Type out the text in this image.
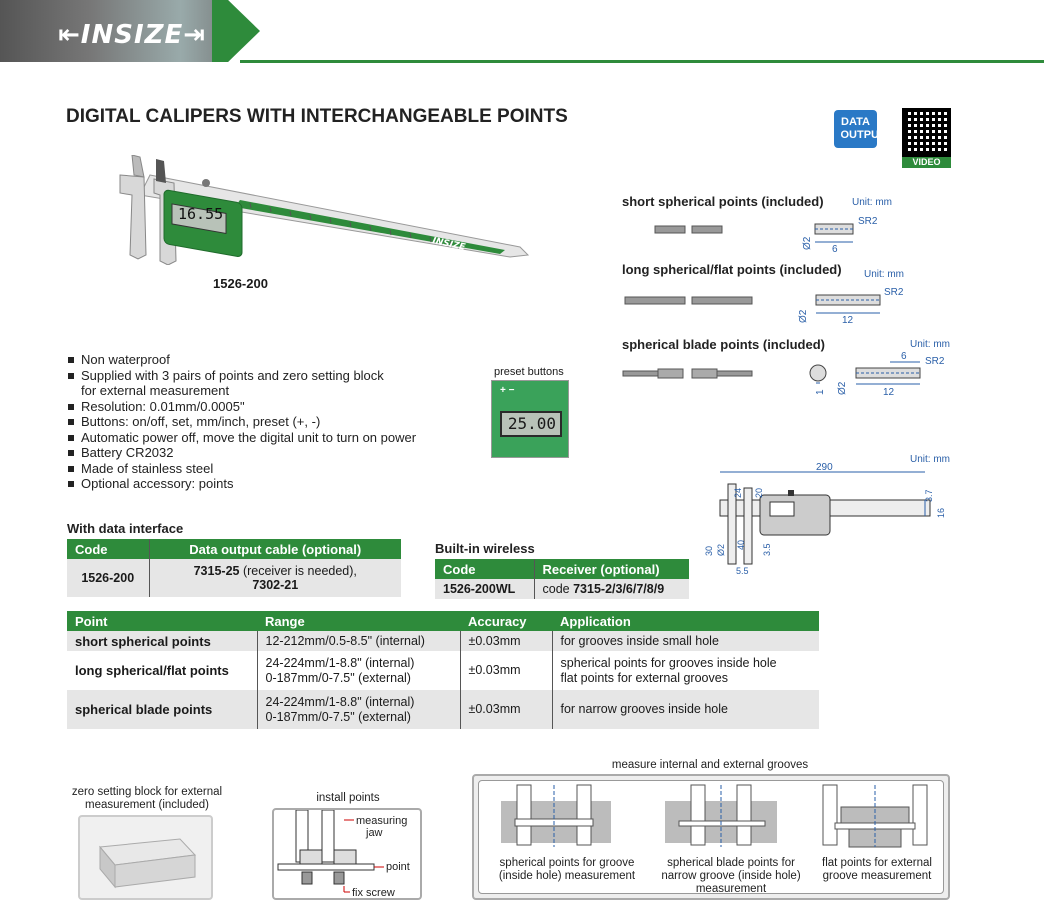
⇤INSIZE⇥
DIGITAL CALIPERS WITH INTERCHANGEABLE POINTS	DATA OUTPUT
VIDEO
16.55
INSIZE
1526-200
Non waterproof
Supplied with 3 pairs of points and zero setting block
for external measurement
Resolution: 0.01mm/0.0005"
Buttons: on/off, set, mm/inch, preset (+, -)
Automatic power off, move the digital unit to turn on power
Battery CR2032
Made of stainless steel
Optional accessory: points
preset buttons
+ −
25.00
short spherical points (included)	Unit: mm
6
Ø2
SR2
long spherical/flat points (included) Unit: mm
12
Ø2
SR2
spherical blade points (included)	Unit: mm
1	12
6
Ø2
SR2
Unit: mm
290
3.7
16
24 20
30 Ø2 40 3.5
5.5
With data interface
Code	Data output cable (optional)
1526-200	7315-25 (receiver is needed),
7302-21
Built-in wireless
Code	Receiver (optional)
1526-200WL	code 7315-2/3/6/7/8/9
Point	Range	Accuracy	Application
short spherical points	12-212mm/0.5-8.5" (internal)	±0.03mm	for grooves inside small hole
long spherical/flat points	24-224mm/1-8.8" (internal)
0-187mm/0-7.5" (external)	±0.03mm	spherical points for grooves inside hole
flat points for external grooves
spherical blade points	24-224mm/1-8.8" (internal)
0-187mm/0-7.5" (external)	±0.03mm	for narrow grooves inside hole
zero setting block for external
measurement (included)
install points
measuring
jaw
point
fix screw
measure internal and external grooves
spherical points for groove
(inside hole) measurement
spherical blade points for
narrow groove (inside hole)
measurement
flat points for external
groove measurement
